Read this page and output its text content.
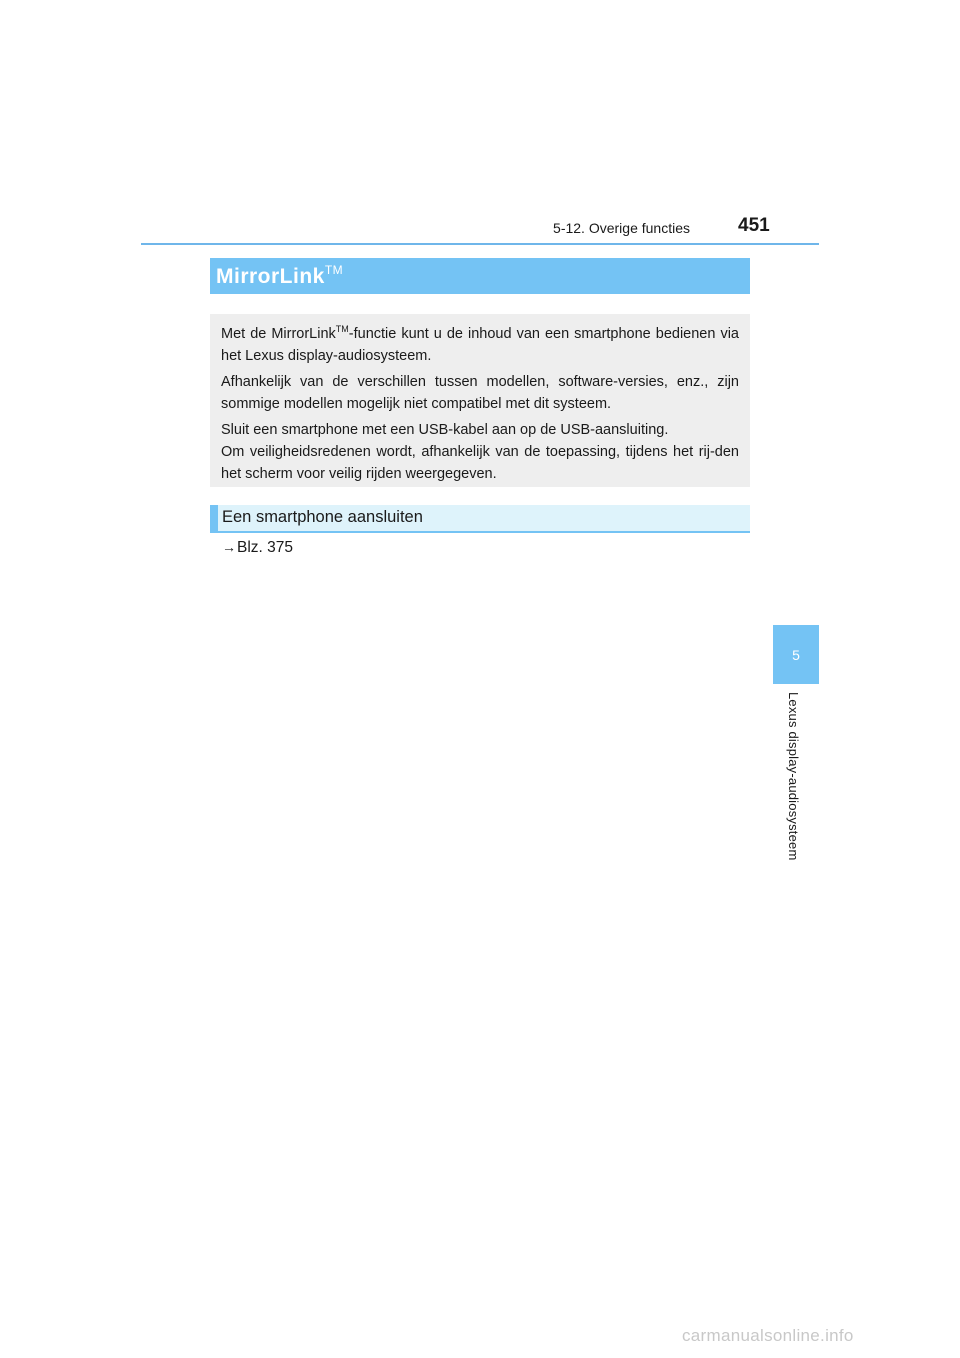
5-12. Overige functies	451
MirrorLink™

Met de MirrorLink™-functie kunt u de inhoud van een smartphone bedienen via het Lexus display-audiosysteem.

Afhankelijk van de verschillen tussen modellen, software-versies, enz., zijn sommige modellen mogelijk niet compatibel met dit systeem.

Sluit een smartphone met een USB-kabel aan op de USB-aansluiting.

Om veiligheidsredenen wordt, afhankelijk van de toepassing, tijdens het rij-den het scherm voor veilig rijden weergegeven.

Een smartphone aansluiten
→Blz. 375
5
Lexus display-audiosysteem
carmanualsonline.info
